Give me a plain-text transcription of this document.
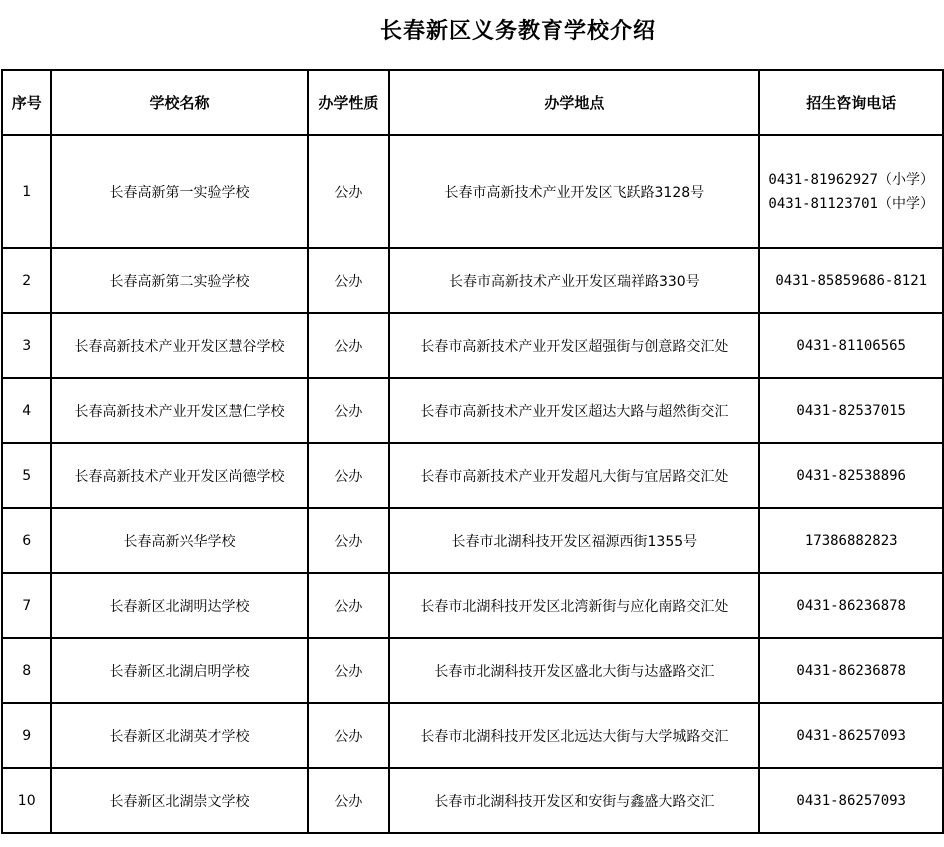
长春新区义务教育学校介绍
序号	学校名称	办学性质	办学地点	招生咨询电话
1	长春高新第一实验学校	公办	长春市高新技术产业开发区飞跃路3128号	0431-81962927（小学）
0431-81123701（中学）

2	长春高新第二实验学校	公办	长春市高新技术产业开发区瑞祥路330号	0431-85859686-8121
3	长春高新技术产业开发区慧谷学校	公办	长春市高新技术产业开发区超强街与创意路交汇处	0431-81106565
4	长春高新技术产业开发区慧仁学校	公办	长春市高新技术产业开发区超达大路与超然街交汇	0431-82537015
5	长春高新技术产业开发区尚德学校	公办	长春市高新技术产业开发超凡大街与宜居路交汇处	0431-82538896
6	长春高新兴华学校	公办	长春市北湖科技开发区福源西街1355号	17386882823
7	长春新区北湖明达学校	公办	长春市北湖科技开发区北湾新街与应化南路交汇处	0431-86236878
8	长春新区北湖启明学校	公办	长春市北湖科技开发区盛北大街与达盛路交汇	0431-86236878
9	长春新区北湖英才学校	公办	长春市北湖科技开发区北远达大街与大学城路交汇	0431-86257093
10	长春新区北湖崇文学校	公办	长春市北湖科技开发区和安街与鑫盛大路交汇	0431-86257093
